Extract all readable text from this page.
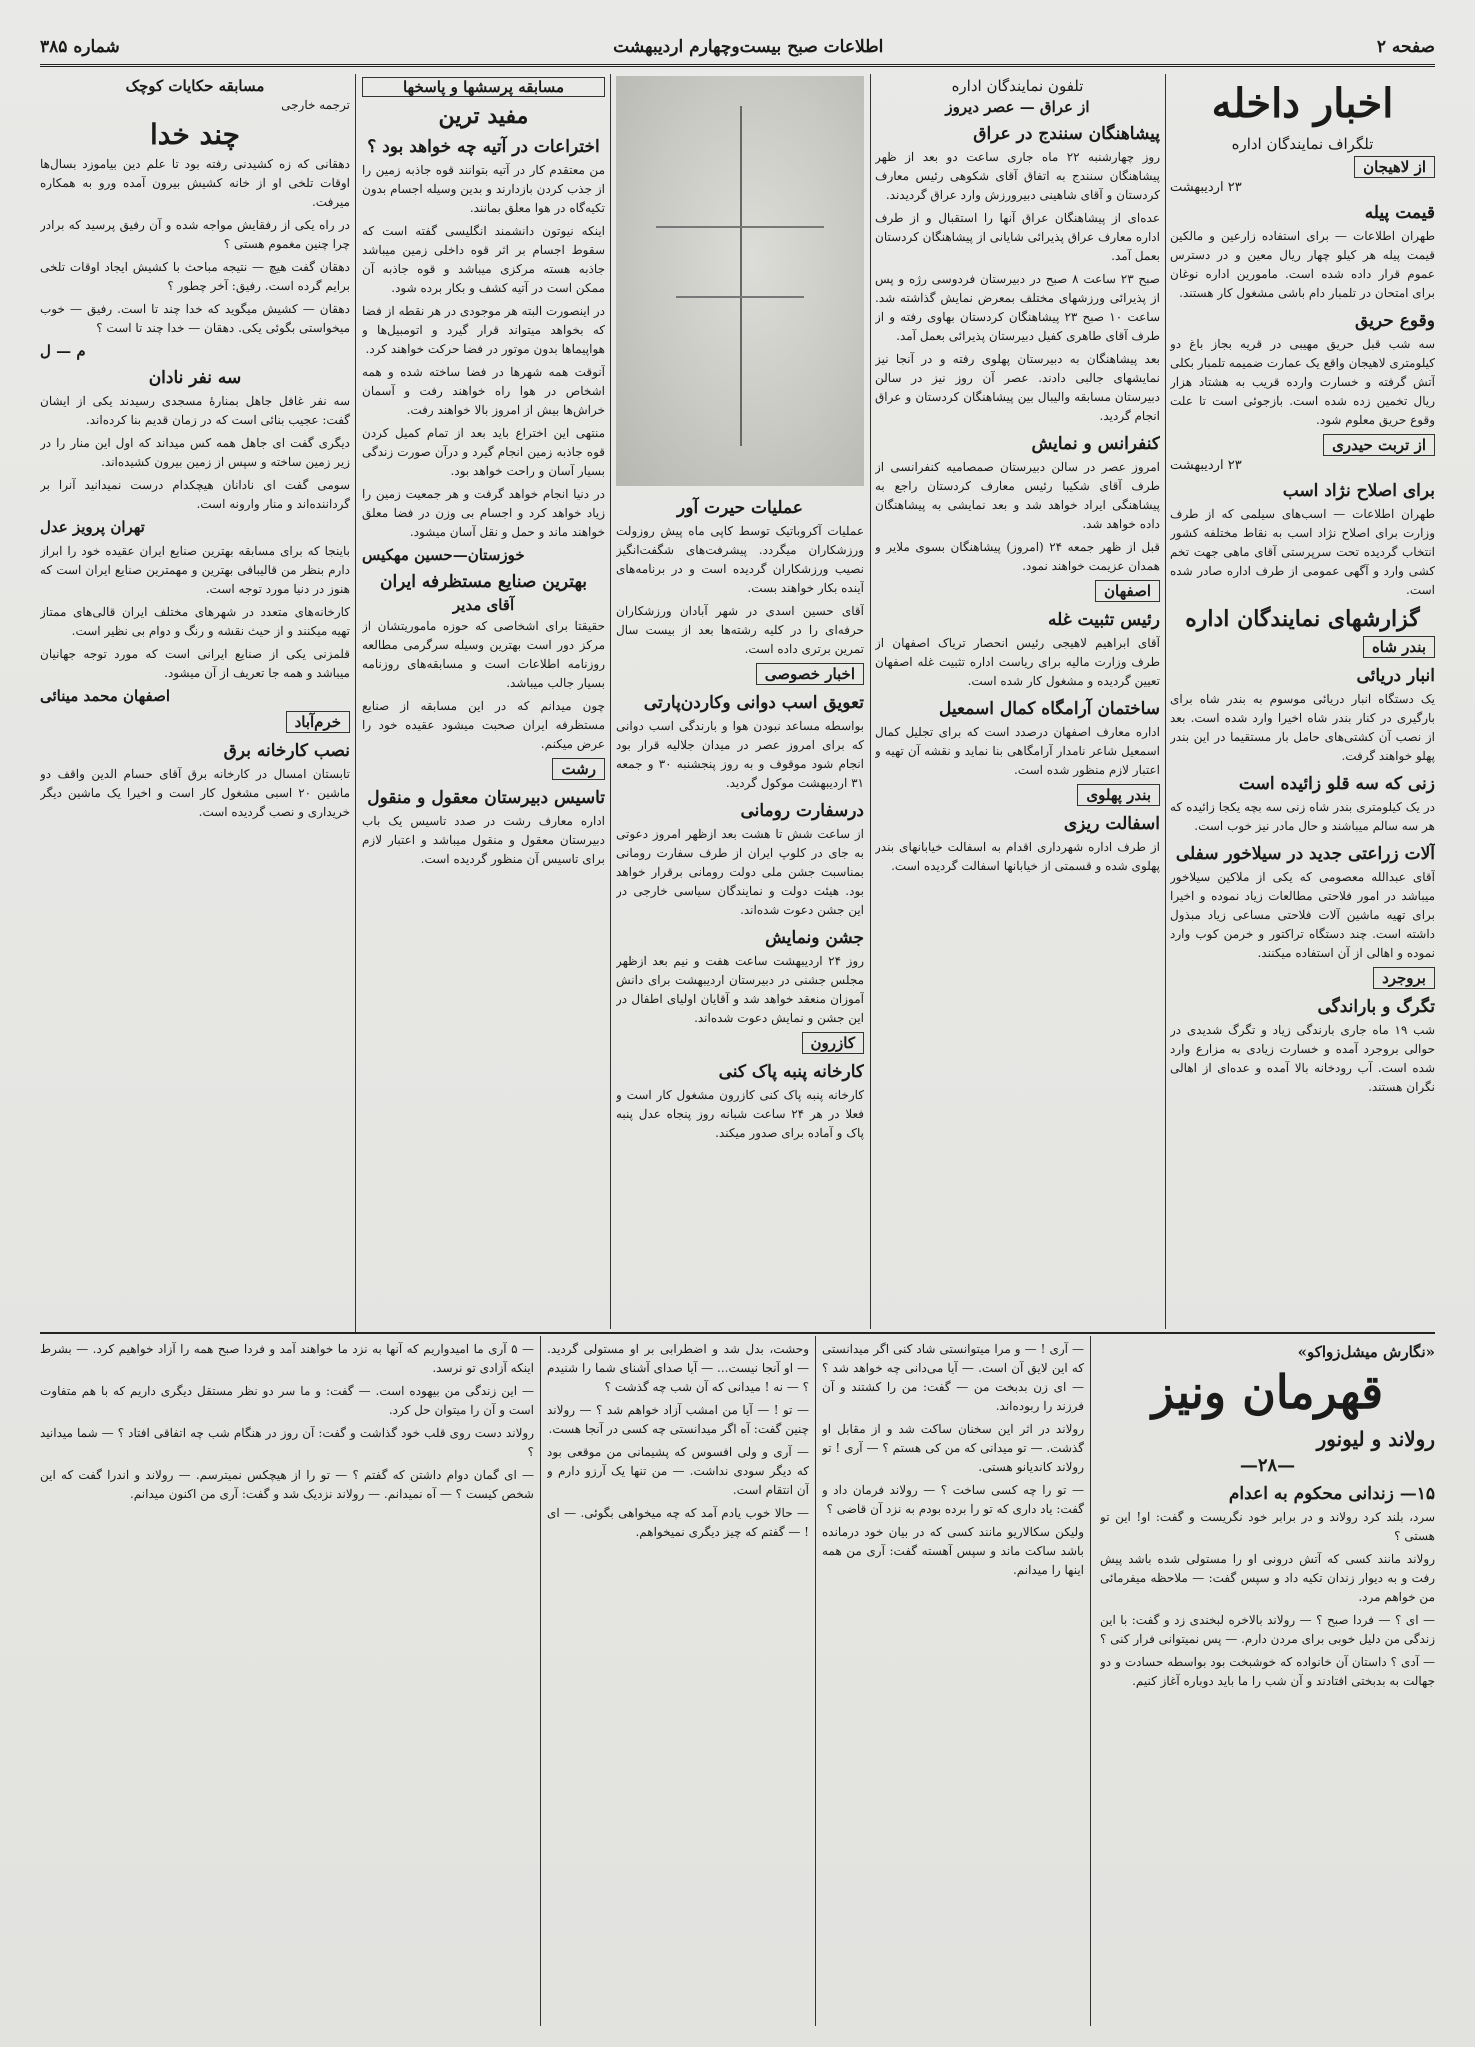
صفحه ۲
اطلاعات صبح بیست‌وچهارم اردیبهشت
شماره ۳۸۵
اخبار داخله
تلگراف نمایندگان اداره
از لاهیجان
۲۳ اردیبهشت
قیمت پیله

طهران اطلاعات — برای استفاده زارعین و مالکین قیمت پیله هر کیلو چهار ریال معین و در دسترس عموم قرار داده شده است. مامورین اداره نوغان برای امتحان در تلمبار دام باشی مشغول کار هستند.

وقوع حریق

سه شب قبل حریق مهیبی در قریه بجاز باغ دو کیلومتری لاهیجان واقع یک عمارت ضمیمه تلمبار بکلی آتش گرفته و خسارت وارده قریب به هشتاد هزار ریال تخمین زده شده است. بازجوئی است تا علت وقوع حریق معلوم شود.

از تربت حیدری
۲۳ اردیبهشت
برای اصلاح نژاد اسب

طهران اطلاعات — اسب‌های سیلمی که از طرف وزارت برای اصلاح نژاد اسب به نقاط مختلفه کشور انتخاب گردیده تحت سرپرستی آقای ماهی جهت تخم کشی وارد و آگهی عمومی از طرف اداره صادر شده است.

گزارشهای نمایندگان اداره
بندر شاه
انبار دریائی

یک دستگاه انبار دریائی موسوم به بندر شاه برای بارگیری در کنار بندر شاه اخیرا وارد شده است. بعد از نصب آن کشتی‌های حامل بار مستقیما در این بندر پهلو خواهند گرفت.

زنی که سه قلو زائیده است

در یک کیلومتری بندر شاه زنی سه بچه یکجا زائیده که هر سه سالم میباشند و حال مادر نیز خوب است.

آلات زراعتی جدید در سیلاخور سفلی

آقای عبدالله معصومی که یکی از ملاکین سیلاخور میباشد در امور فلاحتی مطالعات زیاد نموده و اخیرا برای تهیه ماشین آلات فلاحتی مساعی زیاد مبذول داشته است. چند دستگاه تراکتور و خرمن کوب وارد نموده و اهالی از آن استفاده میکنند.

بروجرد
تگرگ و باراندگی

شب ۱۹ ماه جاری بارندگی زیاد و تگرگ شدیدی در حوالی بروجرد آمده و خسارت زیادی به مزارع وارد شده است. آب رودخانه بالا آمده و عده‌ای از اهالی نگران هستند.

تلفون نمایندگان اداره
از عراق — عصر دیروز
پیشاهنگان سنندج در عراق

روز چهارشنبه ۲۲ ماه جاری ساعت دو بعد از ظهر پیشاهنگان سنندج به اتفاق آقای شکوهی رئیس معارف کردستان و آقای شاهینی دبیرورزش وارد عراق گردیدند.

عده‌ای از پیشاهنگان عراق آنها را استقبال و از طرف اداره معارف عراق پذیرائی شایانی از پیشاهنگان کردستان بعمل آمد.

صبح ۲۳ ساعت ۸ صبح در دبیرستان فردوسی رژه و پس از پذیرائی ورزشهای مختلف بمعرض نمایش گذاشته شد. ساعت ۱۰ صبح ۲۳ پیشاهنگان کردستان بهاوی رفته و از طرف آقای طاهری کفیل دبیرستان پذیرائی بعمل آمد.

بعد پیشاهنگان به دبیرستان پهلوی رفته و در آنجا نیز نمایشهای جالبی دادند. عصر آن روز نیز در سالن دبیرستان مسابقه والیبال بین پیشاهنگان کردستان و عراق انجام گردید.

کنفرانس و نمایش

امروز عصر در سالن دبیرستان صمصامیه کنفرانسی از طرف آقای شکیبا رئیس معارف کردستان راجع به پیشاهنگی ایراد خواهد شد و بعد نمایشی به پیشاهنگان داده خواهد شد.

قبل از ظهر جمعه ۲۴ (امروز) پیشاهنگان بسوی ملایر و همدان عزیمت خواهند نمود.

اصفهان
رئیس تثبیت غله

آقای ابراهیم لاهیجی رئیس انحصار تریاک اصفهان از طرف وزارت مالیه برای ریاست اداره تثبیت غله اصفهان تعیین گردیده و مشغول کار شده است.

ساختمان آرامگاه کمال اسمعیل

اداره معارف اصفهان درصدد است که برای تجلیل کمال اسمعیل شاعر نامدار آرامگاهی بنا نماید و نقشه آن تهیه و اعتبار لازم منظور شده است.

بندر پهلوی
اسفالت ریزی

از طرف اداره شهرداری اقدام به اسفالت خیابانهای بندر پهلوی شده و قسمتی از خیابانها اسفالت گردیده است.

عملیات حیرت آور

عملیات آکروباتیک توسط کاپی ماه پیش روزولت ورزشکاران میگردد. پیشرفت‌های شگفت‌انگیز نصیب ورزشکاران گردیده است و در برنامه‌های آینده بکار خواهند بست.

آقای حسین اسدی در شهر آبادان ورزشکاران حرفه‌ای را در کلیه رشته‌ها بعد از بیست سال تمرین برتری داده است.

اخبار خصوصی
تعویق اسب دوانی وکاردن‌پارتی

بواسطه مساعد نبودن هوا و بارندگی اسب دوانی که برای امروز عصر در میدان جلالیه قرار بود انجام شود موقوف و به روز پنجشنبه ۳۰ و جمعه ۳۱ اردیبهشت موکول گردید.

درسفارت رومانی

از ساعت شش تا هشت بعد ازظهر امروز دعوتی به جای در کلوپ ایران از طرف سفارت رومانی بمناسبت جشن ملی دولت رومانی برقرار خواهد بود. هیئت دولت و نمایندگان سیاسی خارجی در این جشن دعوت شده‌اند.

جشن ونمایش

روز ۲۴ اردیبهشت ساعت هفت و نیم بعد ازظهر مجلس جشنی در دبیرستان اردیبهشت برای دانش آموزان منعقد خواهد شد و آقایان اولیای اطفال در این جشن و نمایش دعوت شده‌اند.

کازرون
کارخانه پنبه پاک کنی

کارخانه پنبه پاک کنی کازرون مشغول کار است و فعلا در هر ۲۴ ساعت شبانه روز پنجاه عدل پنبه پاک و آماده برای صدور میکند.

مسابقه پرسشها و پاسخها
مفید ترین
اختراعات در آتیه چه خواهد بود ؟

من معتقدم کار در آتیه بتوانند قوه جاذبه زمین را از جذب کردن بازدارند و بدین وسیله اجسام بدون تکیه‌گاه در هوا معلق بمانند.

اینکه نیوتون دانشمند انگلیسی گفته است که سقوط اجسام بر اثر قوه داخلی زمین میباشد جاذبه هسته مرکزی میباشد و قوه جاذبه آن ممکن است در آتیه کشف و بکار برده شود.

در اینصورت البته هر موجودی در هر نقطه از فضا که بخواهد میتواند قرار گیرد و اتومبیل‌ها و هواپیماها بدون موتور در فضا حرکت خواهند کرد.

آنوقت همه شهرها در فضا ساخته شده و همه اشخاص در هوا راه خواهند رفت و آسمان خراش‌ها بیش از امروز بالا خواهند رفت.

منتهی این اختراع باید بعد از تمام کمیل کردن قوه جاذبه زمین انجام گیرد و درآن صورت زندگی بسیار آسان و راحت خواهد بود.

در دنیا انجام خواهد گرفت و هر جمعیت زمین را زیاد خواهد کرد و اجسام بی وزن در فضا معلق خواهند ماند و حمل و نقل آسان میشود.

خوزستان—حسین مهکیس
بهترین صنایع مستظرفه ایران
آقای مدیر

حقیقتا برای اشخاصی که حوزه ماموریتشان از مرکز دور است بهترین وسیله سرگرمی مطالعه روزنامه اطلاعات است و مسابقه‌های روزنامه بسیار جالب میباشد.

چون میدانم که در این مسابقه از صنایع مستظرفه ایران صحبت میشود عقیده خود را عرض میکنم.

رشت
تاسیس دبیرستان معقول و منقول

اداره معارف رشت در صدد تاسیس یک باب دبیرستان معقول و منقول میباشد و اعتبار لازم برای تاسیس آن منظور گردیده است.

مسابقه حکایات کوچک
ترجمه خارجی
چند خدا

دهقانی که زه کشیدنی رفته بود تا علم دین بیاموزد بسال‌ها اوقات تلخی او از خانه کشیش بیرون آمده ورو به همکاره میرفت.

در راه یکی از رفقایش مواجه شده و آن رفیق پرسید که برادر چرا چنین مغموم هستی ؟

دهقان گفت هیچ — نتیجه مباحث با کشیش ایجاد اوقات تلخی برایم گرده است. رفیق: آخر چطور ؟

دهقان — کشیش میگوید که خدا چند تا است. رفیق — خوب میخواستی بگوئی یکی. دهقان — خدا چند تا است ؟

م — ل
سه نفر نادان

سه نفر غافل جاهل بمنارهٔ مسجدی رسیدند یکی از ایشان گفت: عجیب بنائی است که در زمان قدیم بنا کرده‌اند.

دیگری گفت ای جاهل همه کس میداند که اول این منار را در زیر زمین ساخته و سپس از زمین بیرون کشیده‌اند.

سومی گفت ای نادانان هیچکدام درست نمیدانید آنرا بر گرداننده‌اند و منار وارونه است.

تهران پرویز عدل

باینجا که برای مسابقه بهترین صنایع ایران عقیده خود را ابراز دارم بنظر من قالیبافی بهترین و مهمترین صنایع ایران است که هنوز در دنیا مورد توجه است.

کارخانه‌های متعدد در شهرهای مختلف ایران قالی‌های ممتاز تهیه میکنند و از حیث نقشه و رنگ و دوام بی نظیر است.

قلمزنی یکی از صنایع ایرانی است که مورد توجه جهانیان میباشد و همه جا تعریف از آن میشود.

اصفهان محمد مینائی
خرم‌آباد
نصب کارخانه برق

تابستان امسال در کارخانه برق آقای حسام الدین واقف دو ماشین ۲۰ اسبی مشغول کار است و اخیرا یک ماشین دیگر خریداری و نصب گردیده است.

«نگارش میشل‌زواکو»
قهرمان ونیز
رولاند و لیونور
—۲۸—
۱۵— زندانی محکوم به اعدام

سرد، بلند کرد رولاند و در برابر خود نگریست و گفت: او! این تو هستی ؟

رولاند مانند کسی که آتش درونی او را مستولی شده باشد پیش رفت و به دیوار زندان تکیه داد و سپس گفت: — ملاحظه میفرمائی من خواهم مرد.

— ای ؟ — فردا صبح ؟ — رولاند بالاخره لبخندی زد و گفت: با این زندگی من دلیل خوبی برای مردن دارم. — پس نمیتوانی فرار کنی ؟

— آدی ؟ داستان آن خانواده که خوشبخت بود بواسطه حسادت و دو جهالت به بدبختی افتادند و آن شب را ما باید دوباره آغاز کنیم.

— آری ! — و مرا میتوانستی شاد کنی اگر میدانستی که این لایق آن است. — آیا می‌دانی چه خواهد شد ؟ — ای زن بدبخت من — گفت: من را کشتند و آن فرزند را ربوده‌اند.

رولاند در اثر این سخنان ساکت شد و از مقابل او گذشت. — تو میدانی که من کی هستم ؟ — آری ! تو رولاند کاندیانو هستی.

— تو را چه کسی ساخت ؟ — رولاند فرمان داد و گفت: یاد داری که تو را برده بودم به نزد آن قاضی ؟

ولیکن سکالاریو مانند کسی که در بیان خود درمانده باشد ساکت ماند و سپس آهسته گفت: آری من همه اینها را میدانم.

وحشت، بدل شد و اضطرابی بر او مستولی گردید. — او آنجا نیست... — آیا صدای آشنای شما را شنیدم ؟ — نه ! میدانی که آن شب چه گذشت ؟

— تو ! — آیا من امشب آزاد خواهم شد ؟ — رولاند چنین گفت: آه اگر میدانستی چه کسی در آنجا هست.

— آری و ولی افسوس که پشیمانی من موقعی بود که دیگر سودی نداشت. — من تنها یک آرزو دارم و آن انتقام است.

— حالا خوب یادم آمد که چه میخواهی بگوئی. — ای ! — گفتم که چیز دیگری نمیخواهم.

— ۵ آری ما امیدواریم که آنها به نزد ما خواهند آمد و فردا صبح همه را آزاد خواهیم کرد. — بشرط اینکه آزادی تو نرسد.

— این زندگی من بیهوده است. — گفت: و ما سر دو نظر مستقل دیگری داریم که با هم متفاوت است و آن را میتوان حل کرد.

رولاند دست روی قلب خود گذاشت و گفت: آن روز در هنگام شب چه اتفاقی افتاد ؟ — شما میدانید ؟

— ای گمان دوام داشتن که گفتم ؟ — تو را از هیچکس نمیترسم. — رولاند و اندرا گفت که این شخص کیست ؟ — آه نمیدانم. — رولاند نزدیک شد و گفت: آری من اکنون میدانم.
